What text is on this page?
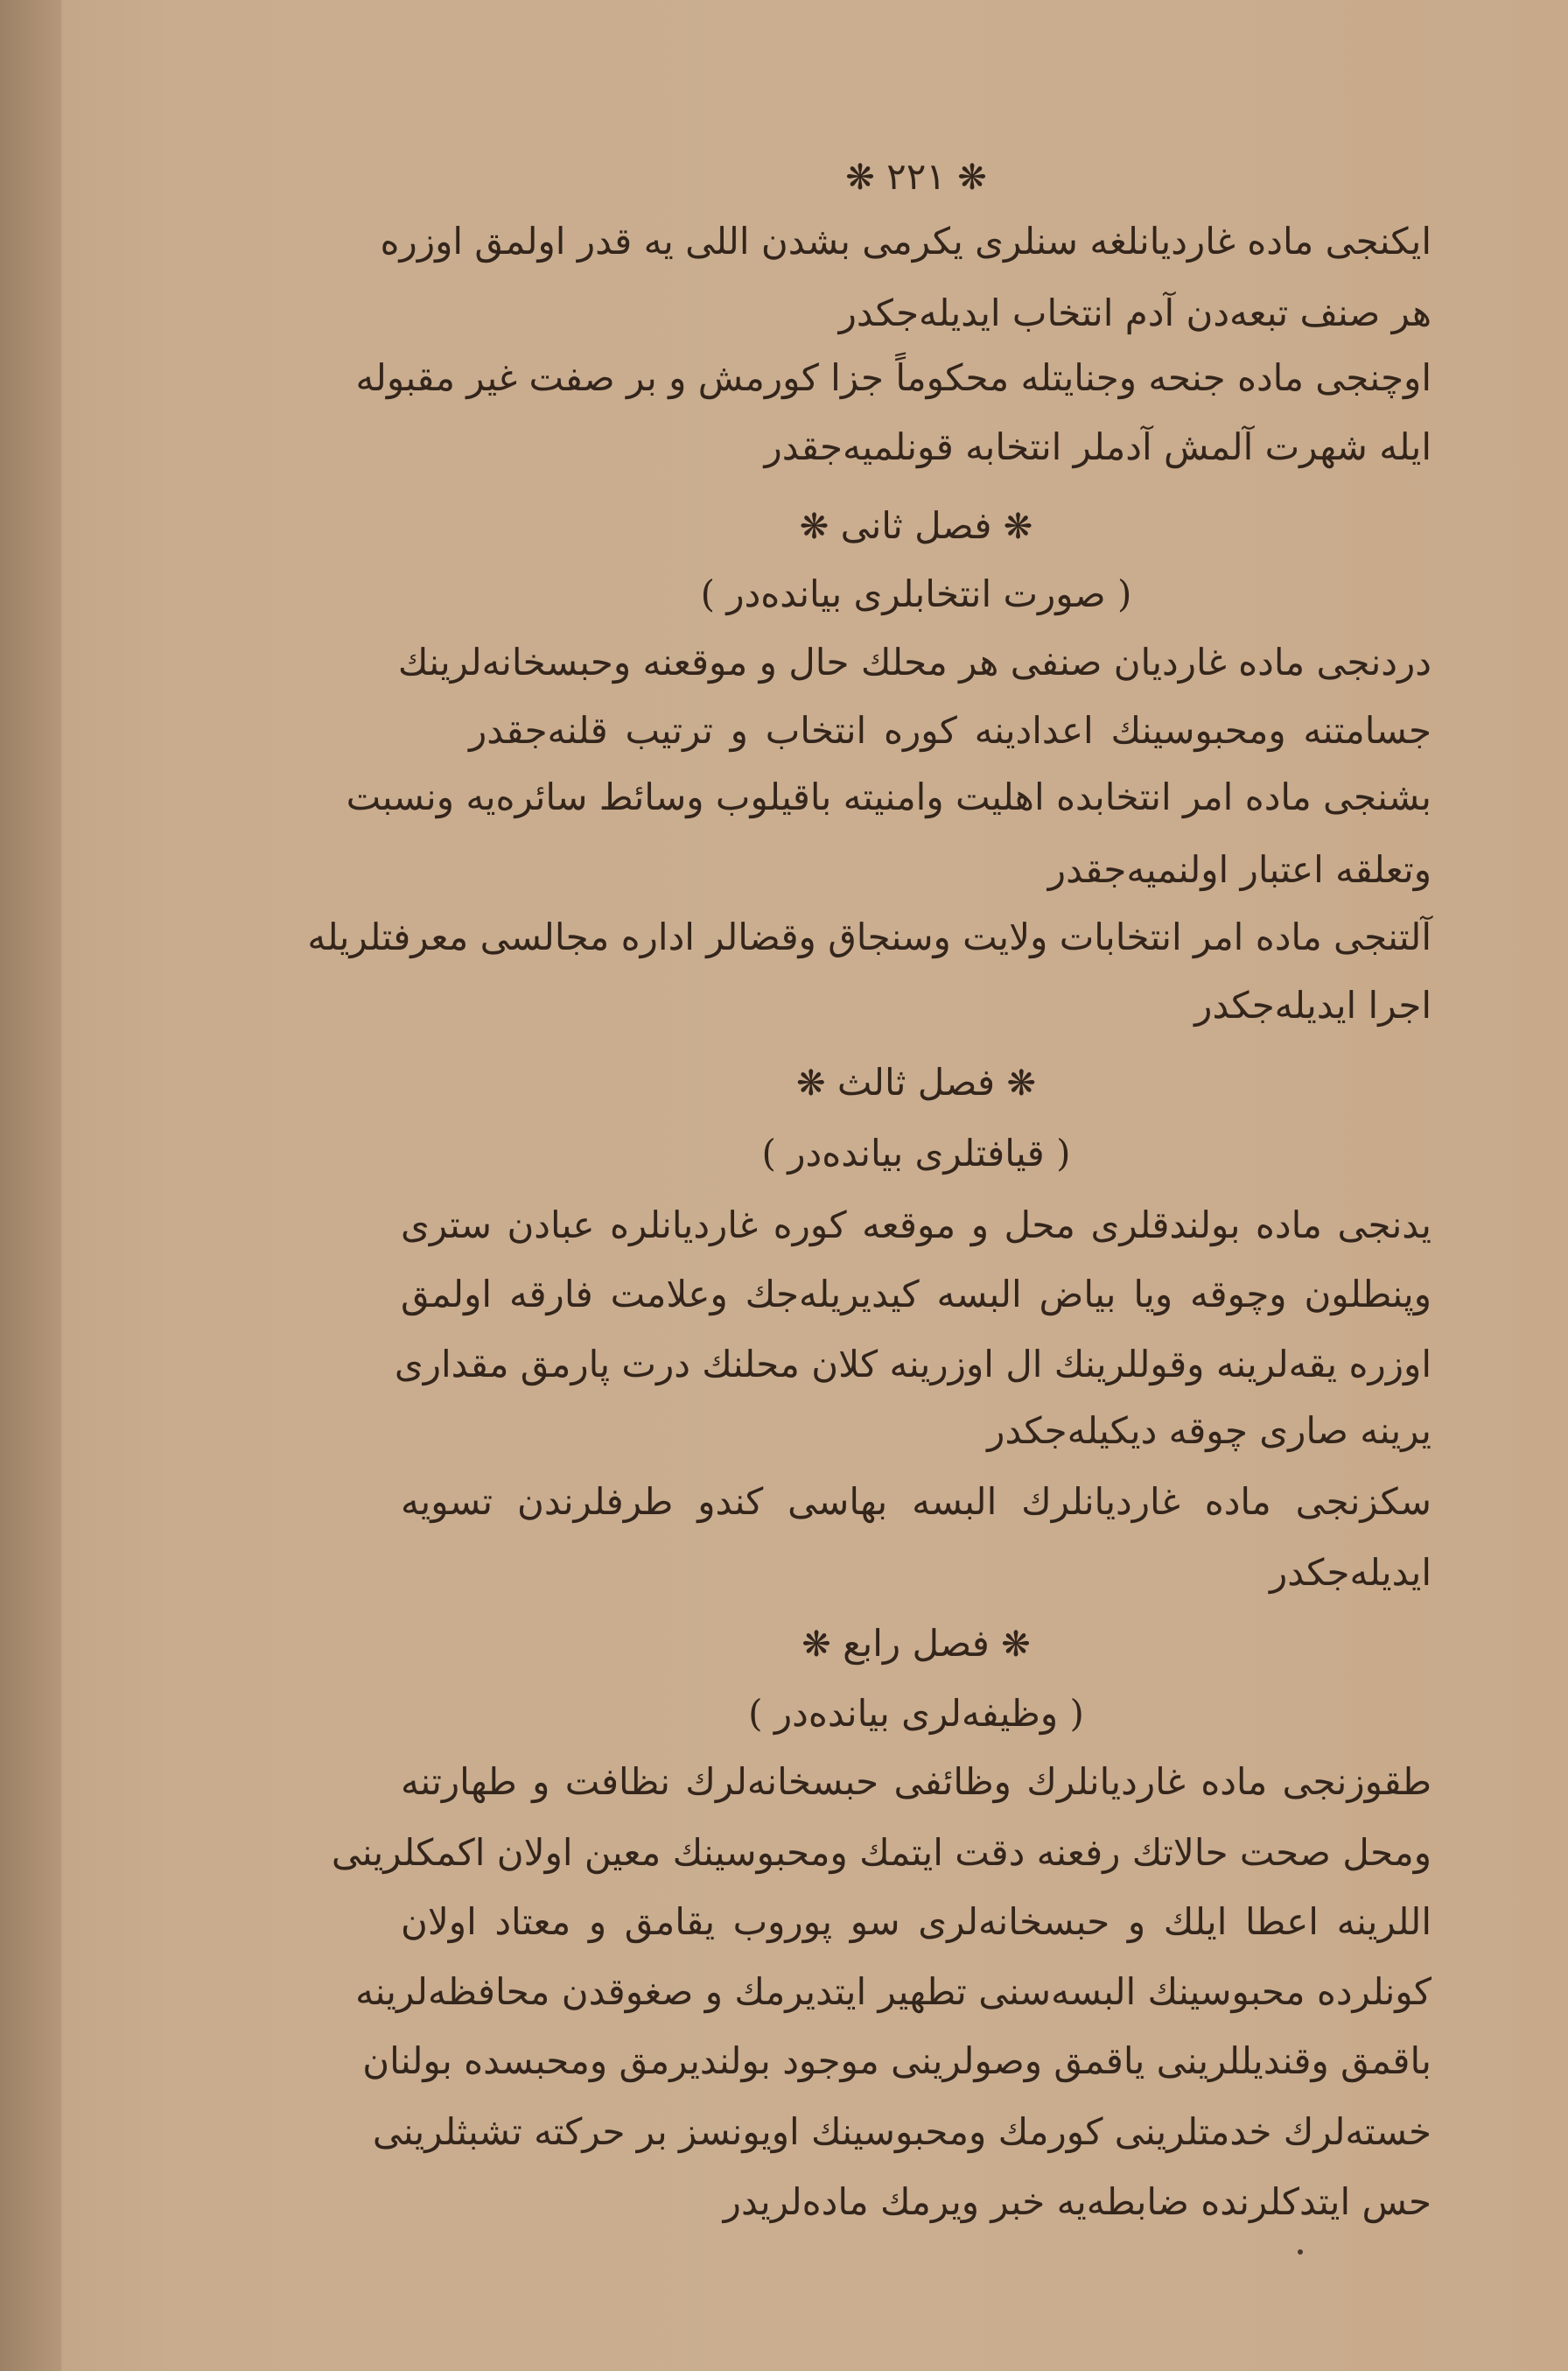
❋ ۲۲۱ ❋
ایکنجی ماده غاردیانلغه سنلری یکرمی بشدن اللی یه قدر اولمق اوزره
هر صنف تبعه‌دن آدم انتخاب ایدیله‌جکدر
اوچنجی ماده جنحه وجنایتله محکوماً جزا کورمش و بر صفت غیر مقبوله
ایله شهرت آلمش آدملر انتخابه قونلمیه‌جقدر
❋ فصل ثانی ❋
( صورت انتخابلری بیانده‌در )
دردنجی ماده غاردیان صنفی هر محلك حال و موقعنه وحبسخانه‌لرینك
جسامتنه ومحبوسینك اعدادینه کوره انتخاب و ترتیب قلنه‌جقدر
بشنجی ماده امر انتخابده اهلیت وامنیته باقیلوب وسائط سائره‌یه ونسبت
وتعلقه اعتبار اولنمیه‌جقدر
آلتنجی ماده امر انتخابات ولایت وسنجاق وقضالر اداره مجالسی معرفتلریله
اجرا ایدیله‌جکدر
❋ فصل ثالث ❋
( قیافتلری بیانده‌در )
یدنجی ماده بولندقلری محل و موقعه کوره غاردیانلره عبادن ستری
وپنطلون وچوقه ویا بیاض البسه کیدیریله‌جك وعلامت فارقه اولمق
اوزره یقه‌لرینه وقوللرینك ال اوزرینه کلان محلنك درت پارمق مقداری
یرینه صاری چوقه دیکیله‌جکدر
سکزنجی ماده غاردیانلرك البسه بهاسی کندو طرفلرندن تسویه
ایدیله‌جکدر
❋ فصل رابع ❋
( وظیفه‌لری بیانده‌در )
طقوزنجی ماده غاردیانلرك وظائفی حبسخانه‌لرك نظافت و طهارتنه
ومحل صحت حالاتك رفعنه دقت ایتمك ومحبوسینك معین اولان اکمکلرینی
اللرینه اعطا ایلك و حبسخانه‌لری سو پوروب یقامق و معتاد اولان
کونلرده محبوسینك البسه‌سنی تطهیر ایتدیرمك و صغوقدن محافظه‌لرینه
باقمق وقندیللرینی یاقمق وصولرینی موجود بولندیرمق ومحبسده بولنان
خسته‌لرك خدمتلرینی کورمك ومحبوسینك اویونسز بر حرکته تشبثلرینی
حس ایتدکلرنده ضابطه‌یه خبر ویرمك ماده‌لریدر
